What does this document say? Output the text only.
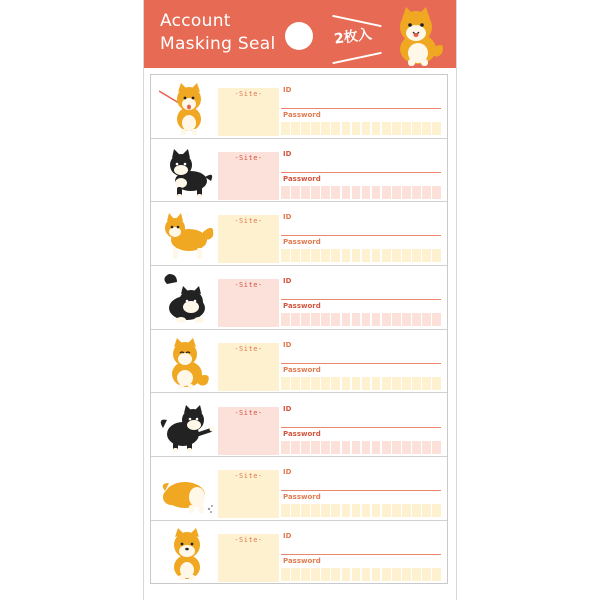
Account
Masking Seal	2枚入
-Site-	ID
Password
-Site-	ID
Password
-Site-	ID
Password
-Site-	ID
Password
-Site-	ID
Password
-Site-	ID
Password
-Site-	ID
Password
-Site-	ID
Password
